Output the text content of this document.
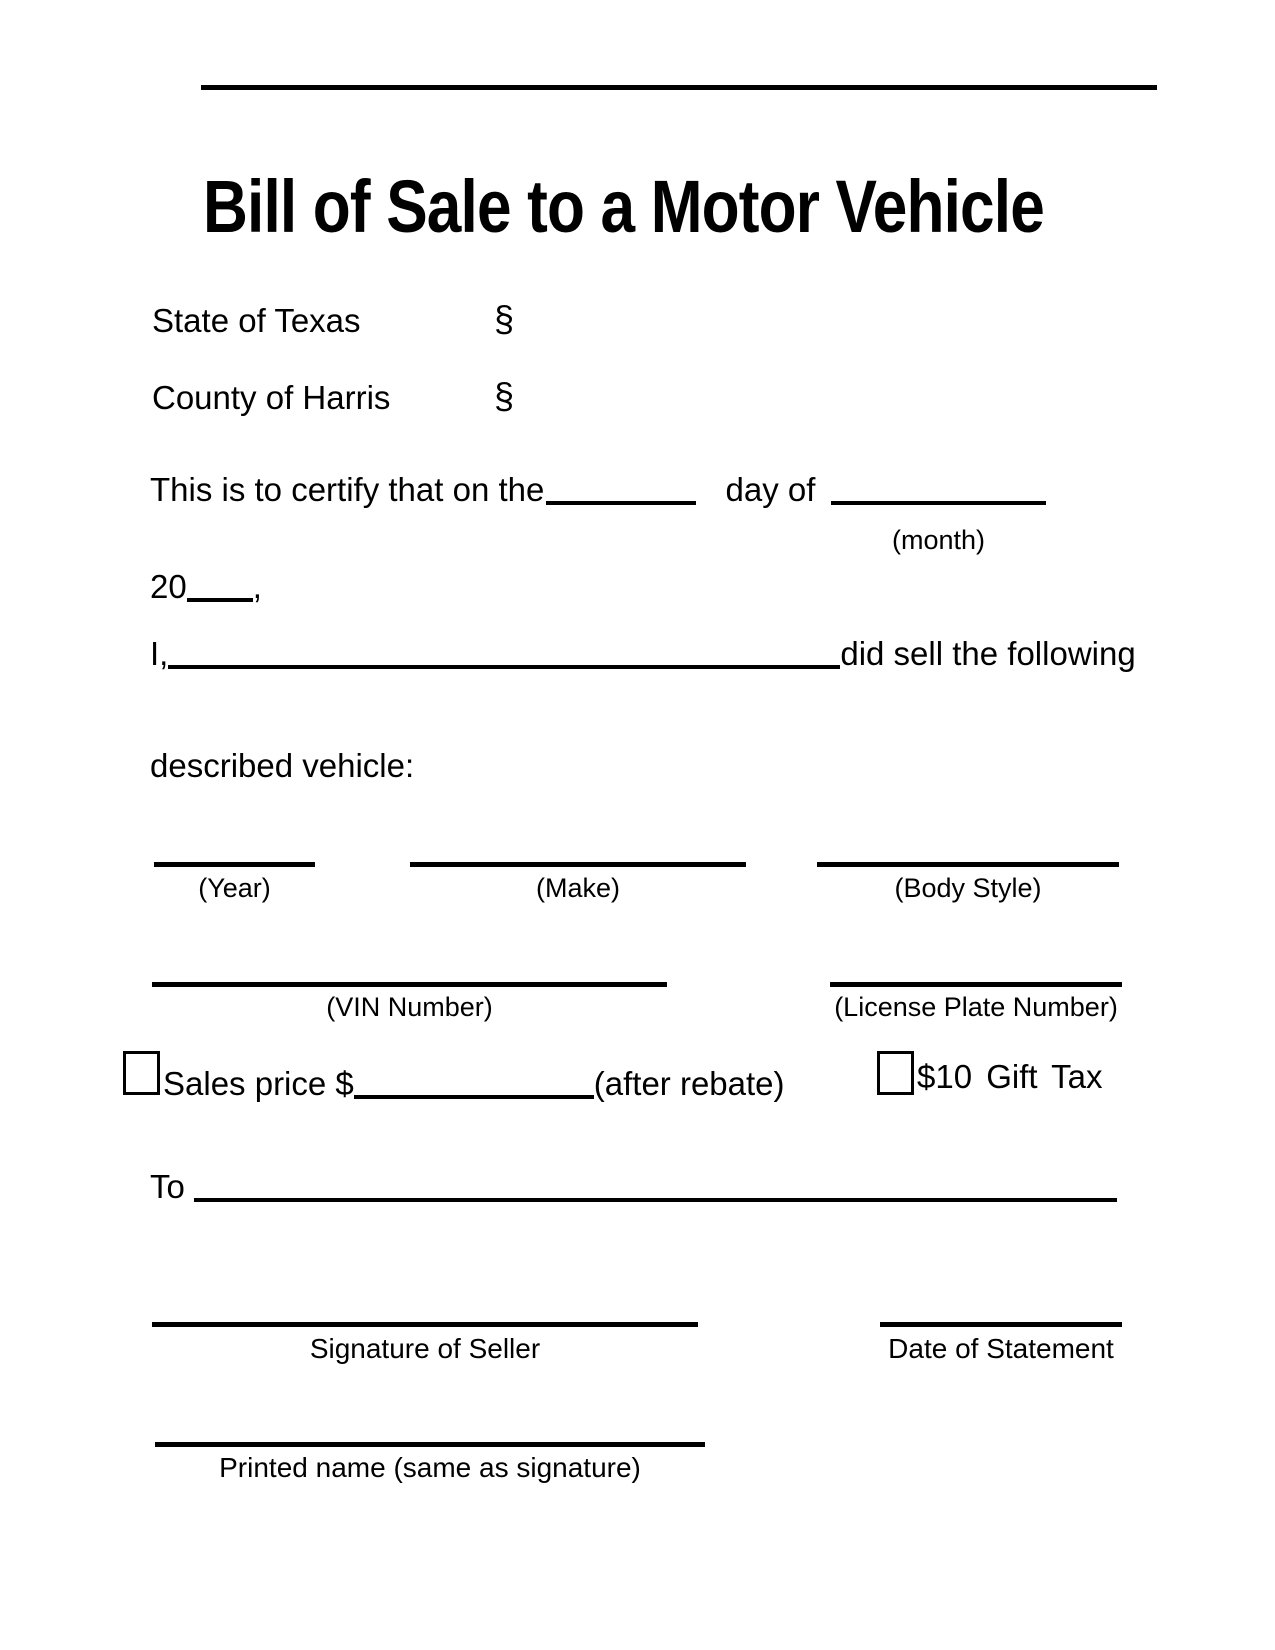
Bill of Sale to a Motor Vehicle
State of Texas	§
County of Harris	§
This is to certify that on the	day of
(month)
20 ,
I,	did sell the following
described vehicle:
(Year)	(Make)	(Body Style)
(VIN Number)	(License Plate Number)
Sales price $	(after rebate)	$10 Gift Tax
To
Signature of Seller	Date of Statement
Printed name (same as signature)
